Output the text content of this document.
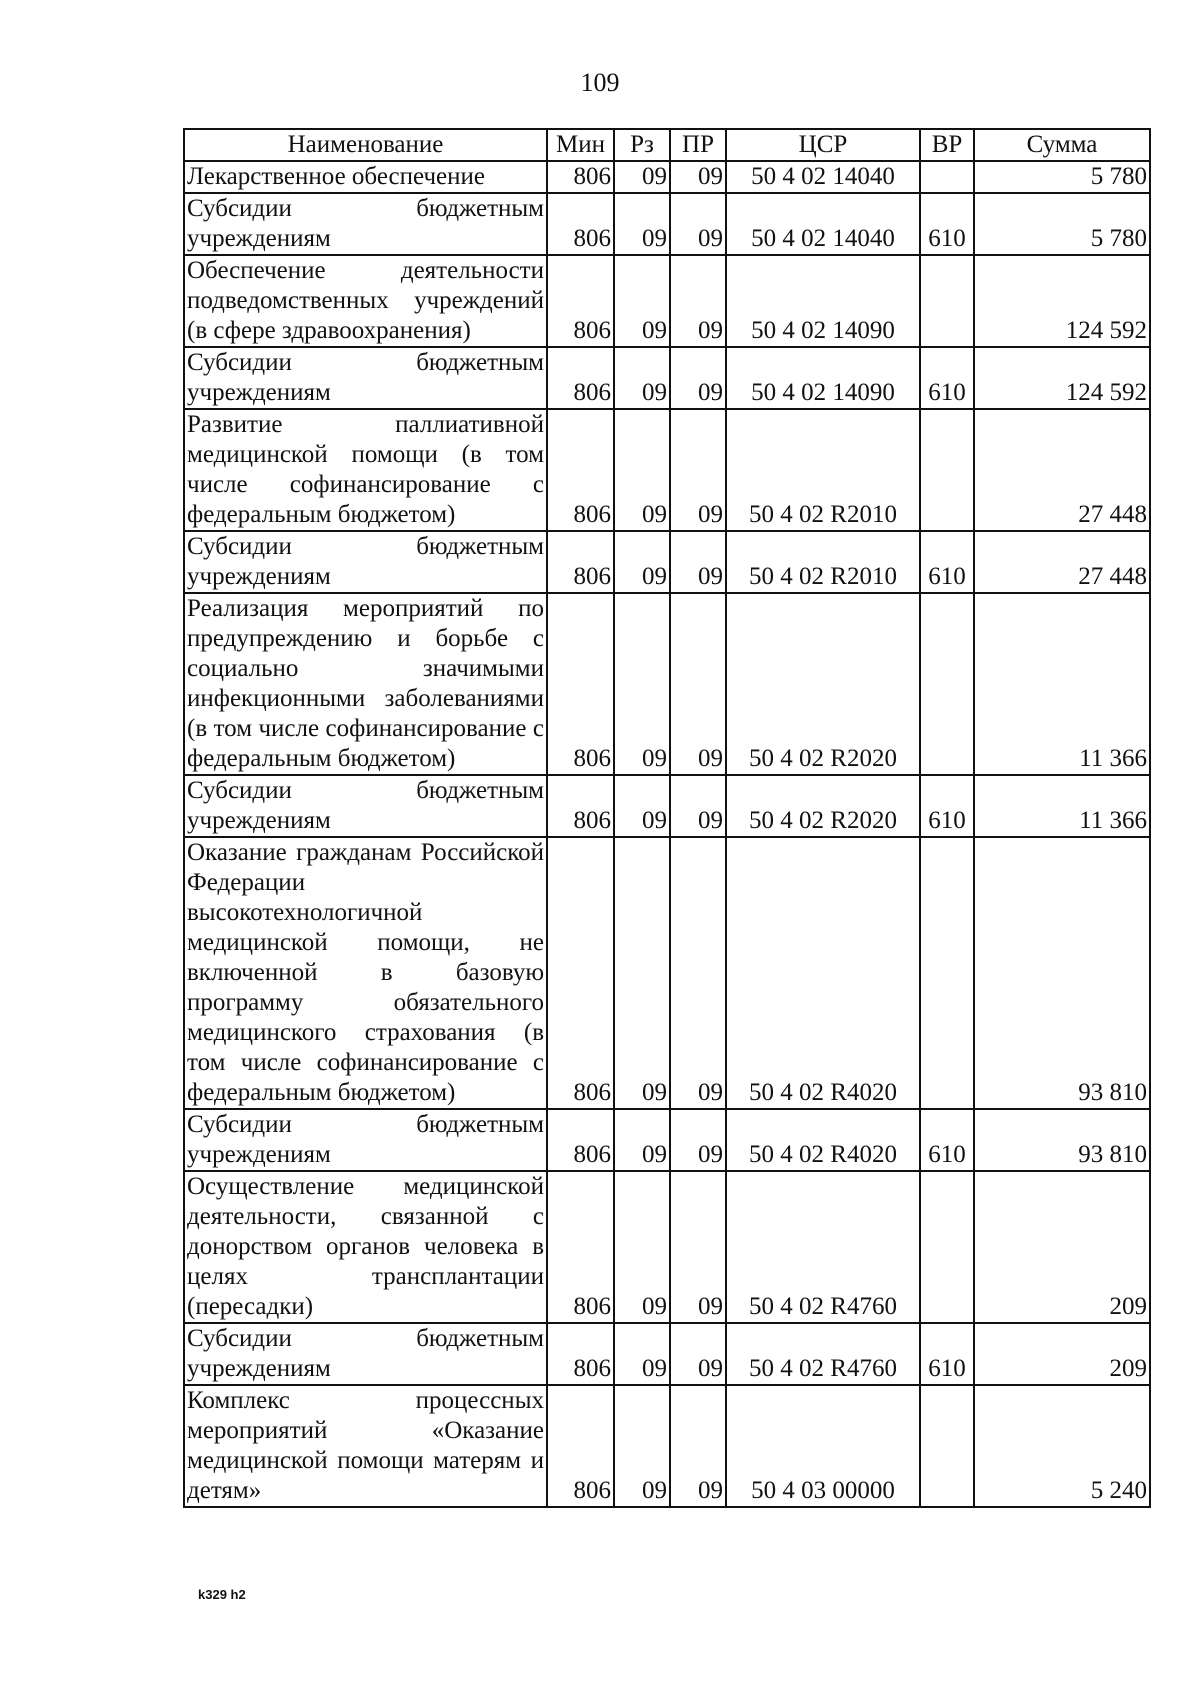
109
Наименование	Мин	Рз	ПР	ЦСР	ВР	Сумма
Лекарственное обеспечение	806	09	09	50 4 02 14040		5 780
Субсидии бюджетным учреждениям	806	09	09	50 4 02 14040	610	5 780
Обеспечение деятельности подведомственных учреждений (в сфере здравоохранения)	806	09	09	50 4 02 14090		124 592
Субсидии бюджетным учреждениям	806	09	09	50 4 02 14090	610	124 592
Развитие паллиативной медицинской помощи (в том числе софинансирование с федеральным бюджетом)	806	09	09	50 4 02 R2010		27 448
Субсидии бюджетным учреждениям	806	09	09	50 4 02 R2010	610	27 448
Реализация мероприятий по предупреждению и борьбе с социально значимыми инфекционными заболеваниями (в том числе софинансирование с федеральным бюджетом)	806	09	09	50 4 02 R2020		11 366
Субсидии бюджетным учреждениям	806	09	09	50 4 02 R2020	610	11 366
Оказание гражданам Российской Федерации высокотехнологичной медицинской помощи, не включенной в базовую программу обязательного медицинского страхования (в том числе софинансирование с федеральным бюджетом)	806	09	09	50 4 02 R4020		93 810
Субсидии бюджетным учреждениям	806	09	09	50 4 02 R4020	610	93 810
Осуществление медицинской деятельности, связанной с донорством органов человека в целях трансплантации (пересадки)	806	09	09	50 4 02 R4760		209
Субсидии бюджетным учреждениям	806	09	09	50 4 02 R4760	610	209
Комплекс процессных мероприятий «Оказание медицинской помощи матерям и детям»	806	09	09	50 4 03 00000		5 240
k329 h2
